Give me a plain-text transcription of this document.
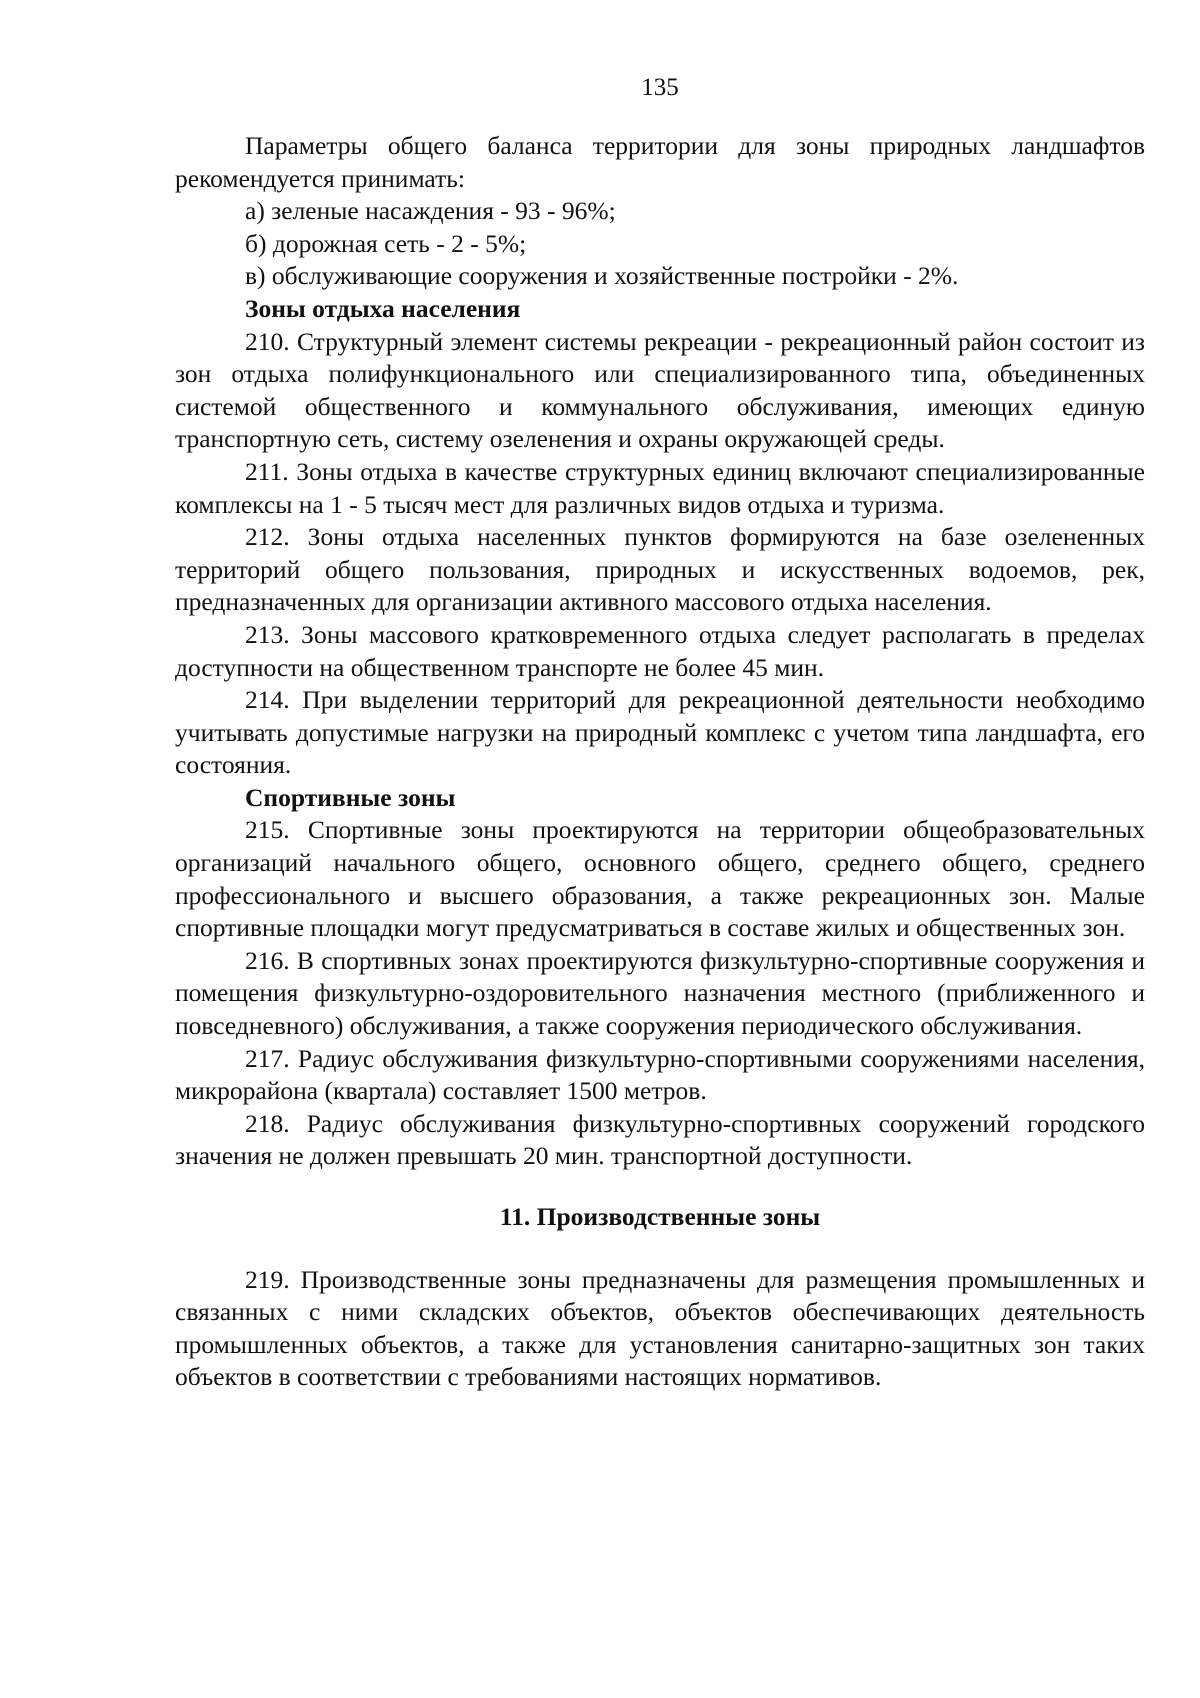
135

Параметры общего баланса территории для зоны природных ландшафтов рекомендуется принимать:

а) зеленые насаждения - 93 - 96%;

б) дорожная сеть - 2 - 5%;

в) обслуживающие сооружения и хозяйственные постройки - 2%.

Зоны отдыха населения

210. Структурный элемент системы рекреации - рекреационный район состоит из зон отдыха полифункционального или специализированного типа, объединенных системой общественного и коммунального обслуживания, имеющих единую транспортную сеть, систему озеленения и охраны окружающей среды.

211. Зоны отдыха в качестве структурных единиц включают специализированные комплексы на 1 - 5 тысяч мест для различных видов отдыха и туризма.

212. Зоны отдыха населенных пунктов формируются на базе озелененных территорий общего пользования, природных и искусственных водоемов, рек, предназначенных для организации активного массового отдыха населения.

213. Зоны массового кратковременного отдыха следует располагать в пределах доступности на общественном транспорте не более 45 мин.

214. При выделении территорий для рекреационной деятельности необходимо учитывать допустимые нагрузки на природный комплекс с учетом типа ландшафта, его состояния.

Спортивные зоны

215. Спортивные зоны проектируются на территории общеобразовательных организаций начального общего, основного общего, среднего общего, среднего профессионального и высшего образования, а также рекреационных зон. Малые спортивные площадки могут предусматриваться в составе жилых и общественных зон.

216. В спортивных зонах проектируются физкультурно-спортивные сооружения и помещения физкультурно-оздоровительного назначения местного (приближенного и повседневного) обслуживания, а также сооружения периодического обслуживания.

217. Радиус обслуживания физкультурно-спортивными сооружениями населения, микрорайона (квартала) составляет 1500 метров.

218. Радиус обслуживания физкультурно-спортивных сооружений городского значения не должен превышать 20 мин. транспортной доступности.

11. Производственные зоны

219. Производственные зоны предназначены для размещения промышленных и связанных с ними складских объектов, объектов обеспечивающих деятельность промышленных объектов, а также для установления санитарно-защитных зон таких объектов в соответствии с требованиями настоящих нормативов.
